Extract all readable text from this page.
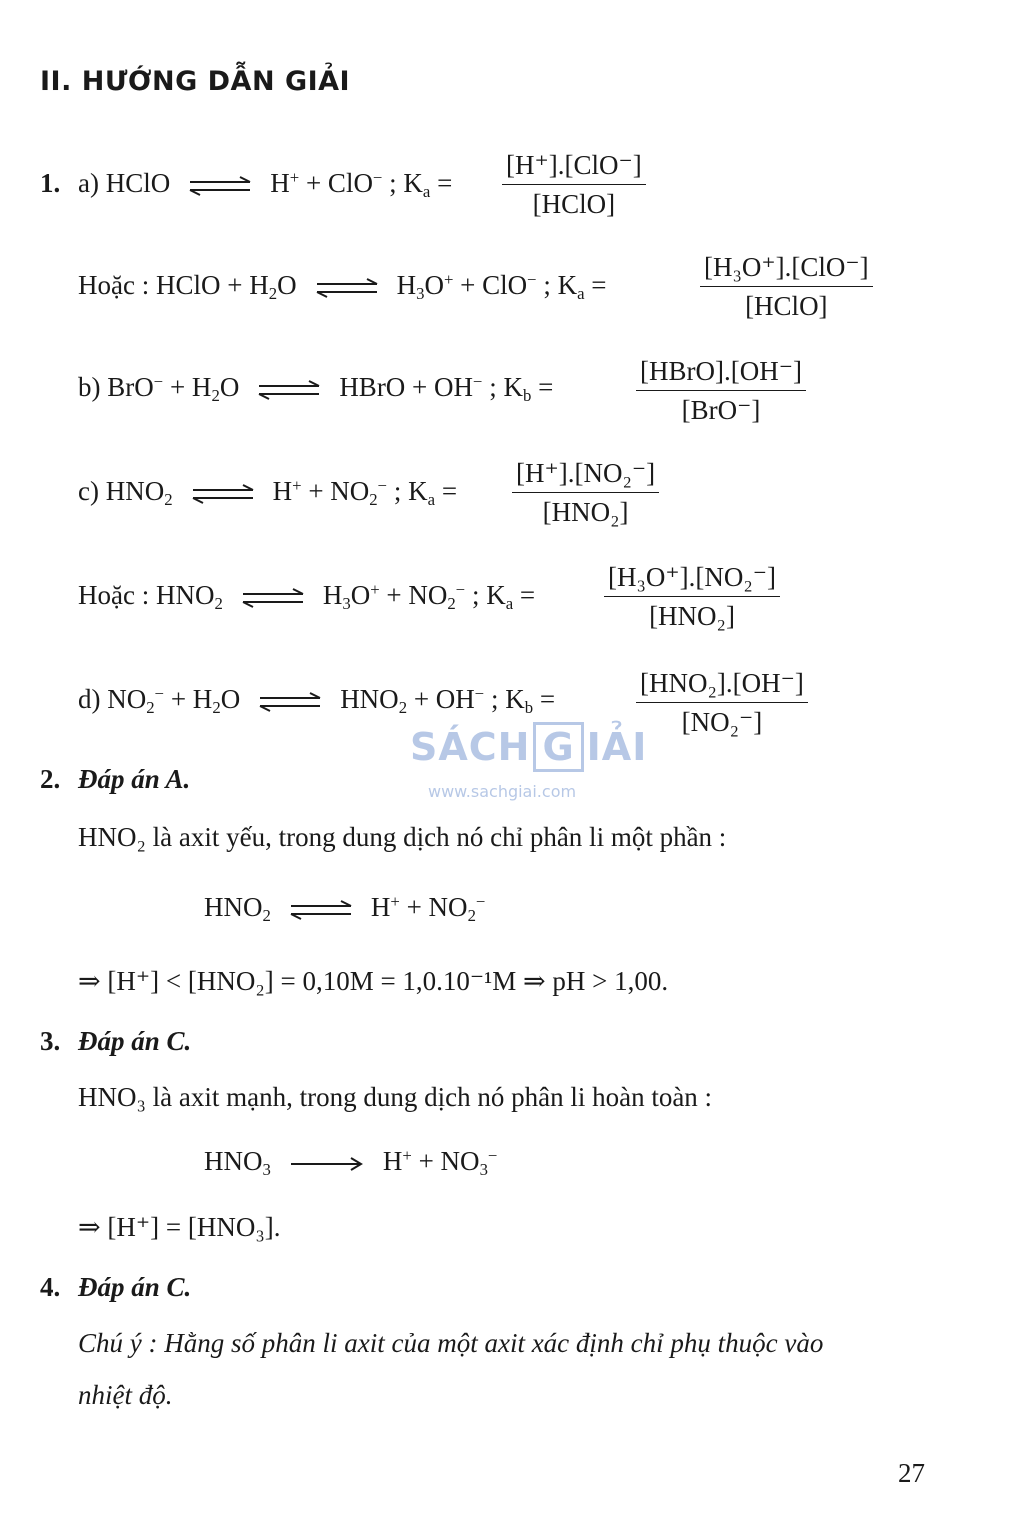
II. HƯỚNG DẪN GIẢI
1. a) HClO	H+ + ClO− ; $K_a$ =
[H⁺].[ClO⁻]
[HClO]
Hoặc : HClO + $H_2O$	$H_3O^+ + ClO^-$ ; $K_a$ =
[H₃O⁺].[ClO⁻]
[HClO]
b) $BrO^- + H_2O$	HBrO + OH− ; $K_b$ =
[HBrO].[OH⁻]
[BrO⁻]
c) $HNO_2$	$H^+ + NO_2^-$ ; $K_a$ =
[H⁺].[NO₂⁻]
[HNO₂]
Hoặc : $HNO_2$	$H_3O^+ + NO_2^-$ ; $K_a$ =
[H₃O⁺].[NO₂⁻]
[HNO₂]
d) $NO_2^- + H_2O$	$HNO_2 + OH^-$ ; $K_b$ =
[HNO₂].[OH⁻]
[NO₂⁻]
SÁCH G IẢI
www.sachgiai.com
2. Đáp án A.
HNO₂ là axit yếu, trong dung dịch nó chỉ phân li một phần :
$HNO_2$	$H^+ + NO_2^-$
⇒ [H⁺] < [HNO₂] = 0,10M = 1,0.10⁻¹M ⇒ pH > 1,00.
3. Đáp án C.
HNO₃ là axit mạnh, trong dung dịch nó phân li hoàn toàn :
$HNO_3$	$H^+ + NO_3^-$
⇒ [H⁺] = [HNO₃].
4. Đáp án C.
Chú ý : Hằng số phân li axit của một axit xác định chỉ phụ thuộc vào
nhiệt độ.
27
